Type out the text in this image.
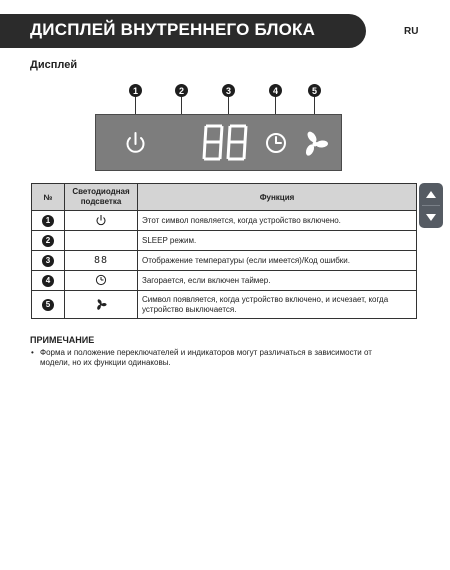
ДИСПЛЕЙ ВНУТРЕННЕГО БЛОКА	RU
Дисплей
1	2	3	4	5
№	Светодиодная подсветка	Функция
1		Этот символ появляется, когда устройство включено.
2		SLEEP режим.
3	88	Отображение температуры (если имеется)/Код ошибки.
4		Загорается, если включен таймер.
5		Символ появляется, когда устройство включено, и исчезает, когда устройство выключается.
ПРИМЕЧАНИЕ
• Форма и положение переключателей и индикаторов могут различаться в зависимости от модели, но их функции одинаковы.
